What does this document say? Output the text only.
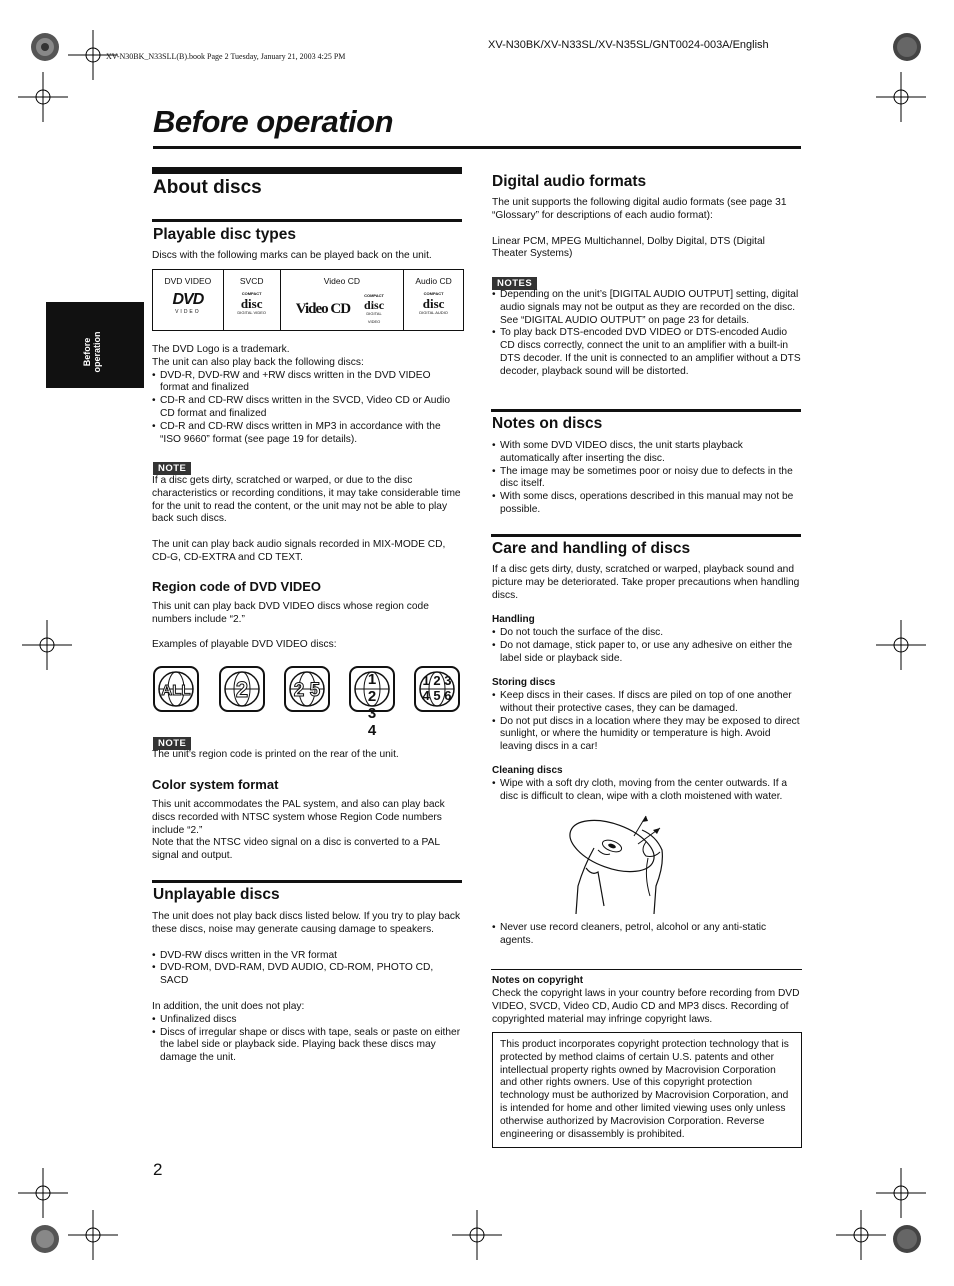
XV-N30BK_N33SLL(B).book Page 2 Tuesday, January 21, 2003 4:25 PM
XV-N30BK/XV-N33SL/XV-N35SL/GNT0024-003A/English
Before operation
Before operation
About discs
Playable disc types
Discs with the following marks can be played back on the unit.
DVD VIDEO
DVD
VIDEO
SVCD
COMPACT
disc
DIGITAL VIDEO
Video CD
Video CD
COMPACT
disc
DIGITAL VIDEO
Audio CD
COMPACT
disc
DIGITAL AUDIO

The DVD Logo is a trademark.

The unit can also play back the following discs:

• DVD-R, DVD-RW and +RW discs written in the DVD VIDEO format and finalized
• CD-R and CD-RW discs written in the SVCD, Video CD or Audio CD format and finalized
• CD-R and CD-RW discs written in MP3 in accordance with the “ISO 9660” format (see page 19 for details).
NOTE
If a disc gets dirty, scratched or warped, or due to the disc characteristics or recording conditions, it may take considerable time for the unit to read the content, or the unit may not be able to play back such discs.
The unit can play back audio signals recorded in MIX-MODE CD, CD-G, CD-EXTRA and CD TEXT.
Region code of DVD VIDEO
This unit can play back DVD VIDEO discs whose region code numbers include “2.”
Examples of playable DVD VIDEO discs:
ALL 2 2 5
1 2 3 4
1 2 3 4 5 6
NOTE
The unit’s region code is printed on the rear of the unit.
Color system format

This unit accommodates the PAL system, and also can play back discs recorded with NTSC system whose Region Code numbers include “2.”

Note that the NTSC video signal on a disc is converted to a PAL signal and output.

Unplayable discs

The unit does not play back discs listed below. If you try to play back these discs, noise may generate causing damage to speakers.

• DVD-RW discs written in the VR format
• DVD-ROM, DVD-RAM, DVD AUDIO, CD-ROM, PHOTO CD, SACD

In addition, the unit does not play:

• Unfinalized discs
• Discs of irregular shape or discs with tape, seals or paste on either the label side or playback side. Playing back these discs may damage the unit.
Digital audio formats

The unit supports the following digital audio formats (see page 31 “Glossary” for descriptions of each audio format):

Linear PCM, MPEG Multichannel, Dolby Digital, DTS (Digital Theater Systems)

NOTES
• Depending on the unit’s [DIGITAL AUDIO OUTPUT] setting, digital audio signals may not be output as they are recorded on the disc. See “DIGITAL AUDIO OUTPUT” on page 23 for details.
• To play back DTS-encoded DVD VIDEO or DTS-encoded Audio CD discs correctly, connect the unit to an amplifier with a built-in DTS decoder. If the unit is connected to an amplifier without a DTS decoder, playback sound will be distorted.
Notes on discs
• With some DVD VIDEO discs, the unit starts playback automatically after inserting the disc.
• The image may be sometimes poor or noisy due to defects in the disc itself.
• With some discs, operations described in this manual may not be possible.
Care and handling of discs
If a disc gets dirty, dusty, scratched or warped, playback sound and picture may be deteriorated. Take proper precautions when handling discs.
Handling
• Do not touch the surface of the disc.
• Do not damage, stick paper to, or use any adhesive on either the label side or playback side.
Storing discs
• Keep discs in their cases. If discs are piled on top of one another without their protective cases, they can be damaged.
• Do not put discs in a location where they may be exposed to direct sunlight, or where the humidity or temperature is high. Avoid leaving discs in a car!
Cleaning discs
• Wipe with a soft dry cloth, moving from the center outwards. If a disc is difficult to clean, wipe with a cloth moistened with water.
• Never use record cleaners, petrol, alcohol or any anti-static agents.
Notes on copyright
Check the copyright laws in your country before recording from DVD VIDEO, SVCD, Video CD, Audio CD and MP3 discs. Recording of copyrighted material may infringe copyright laws.
This product incorporates copyright protection technology that is protected by method claims of certain U.S. patents and other intellectual property rights owned by Macrovision Corporation and other rights owners. Use of this copyright protection technology must be authorized by Macrovision Corporation, and is intended for home and other limited viewing uses only unless otherwise authorized by Macrovision Corporation. Reverse engineering or disassembly is prohibited.
2
